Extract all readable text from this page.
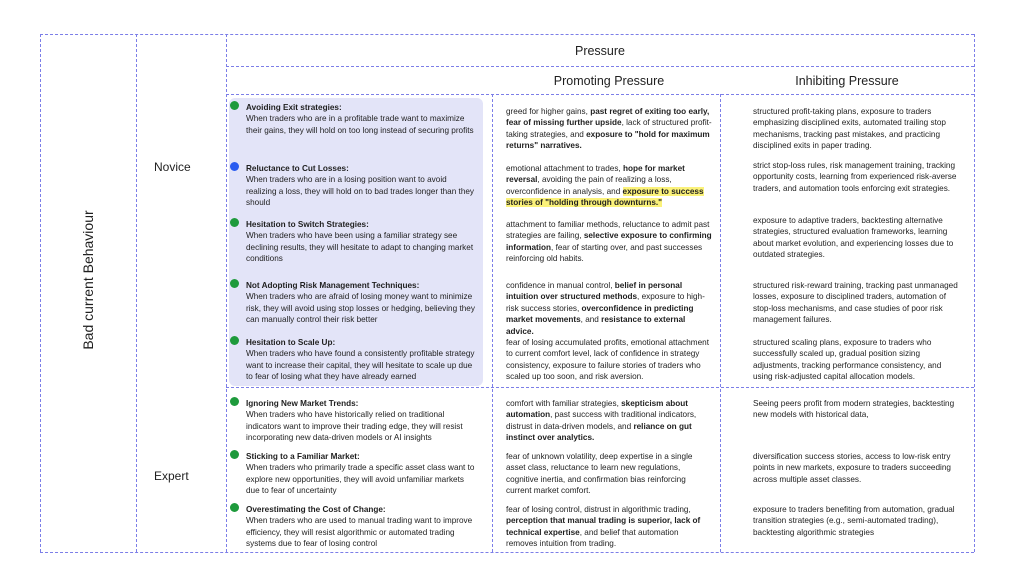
Pressure
Promoting Pressure	Inhibiting Pressure
Bad current Behaviour
Novice
Expert
Avoiding Exit strategies:
When traders who are in a profitable trade want to maximize their gains, they will hold on too long instead of securing profits
greed for higher gains, past regret of exiting too early, fear of missing further upside, lack of structured profit-taking strategies, and exposure to "hold for maximum returns" narratives.
structured profit-taking plans, exposure to traders emphasizing disciplined exits, automated trailing stop mechanisms, tracking past mistakes, and practicing disciplined exits in paper trading.
Reluctance to Cut Losses:
When traders who are in a losing position want to avoid realizing a loss, they will hold on to bad trades longer than they should
emotional attachment to trades, hope for market reversal, avoiding the pain of realizing a loss, overconfidence in analysis, and exposure to success stories of "holding through downturns."
strict stop-loss rules, risk management training, tracking opportunity costs, learning from experienced risk-averse traders, and automation tools enforcing exit strategies.
Hesitation to Switch Strategies:
When traders who have been using a familiar strategy see declining results, they will hesitate to adapt to changing market conditions
attachment to familiar methods, reluctance to admit past strategies are failing, selective exposure to confirming information, fear of starting over, and past successes reinforcing old habits.
exposure to adaptive traders, backtesting alternative strategies, structured evaluation frameworks, learning about market evolution, and experiencing losses due to outdated strategies.
Not Adopting Risk Management Techniques:
When traders who are afraid of losing money want to minimize risk, they will avoid using stop losses or hedging, believing they can manually control their risk better
confidence in manual control, belief in personal intuition over structured methods, exposure to high-risk success stories, overconfidence in predicting market movements, and resistance to external advice.
structured risk-reward training, tracking past unmanaged losses, exposure to disciplined traders, automation of stop-loss mechanisms, and case studies of poor risk management failures.
Hesitation to Scale Up:
When traders who have found a consistently profitable strategy want to increase their capital, they will hesitate to scale up due to fear of losing what they have already earned
fear of losing accumulated profits, emotional attachment to current comfort level, lack of confidence in strategy consistency, exposure to failure stories of traders who scaled up too soon, and risk aversion.
structured scaling plans, exposure to traders who successfully scaled up, gradual position sizing adjustments, tracking performance consistency, and using risk-adjusted capital allocation models.
Ignoring New Market Trends:
When traders who have historically relied on traditional indicators want to improve their trading edge, they will resist incorporating new data-driven models or AI insights
comfort with familiar strategies, skepticism about automation, past success with traditional indicators, distrust in data-driven models, and reliance on gut instinct over analytics.
Seeing peers profit from modern strategies, backtesting new models with historical data,
Sticking to a Familiar Market:
When traders who primarily trade a specific asset class want to explore new opportunities, they will avoid unfamiliar markets due to fear of uncertainty
fear of unknown volatility, deep expertise in a single asset class, reluctance to learn new regulations, cognitive inertia, and confirmation bias reinforcing current market comfort.
diversification success stories, access to low-risk entry points in new markets, exposure to traders succeeding across multiple asset classes.
Overestimating the Cost of Change:
When traders who are used to manual trading want to improve efficiency, they will resist algorithmic or automated trading systems due to fear of losing control
fear of losing control, distrust in algorithmic trading, perception that manual trading is superior, lack of technical expertise, and belief that automation removes intuition from trading.
exposure to traders benefiting from automation, gradual transition strategies (e.g., semi-automated trading), backtesting algorithmic strategies
